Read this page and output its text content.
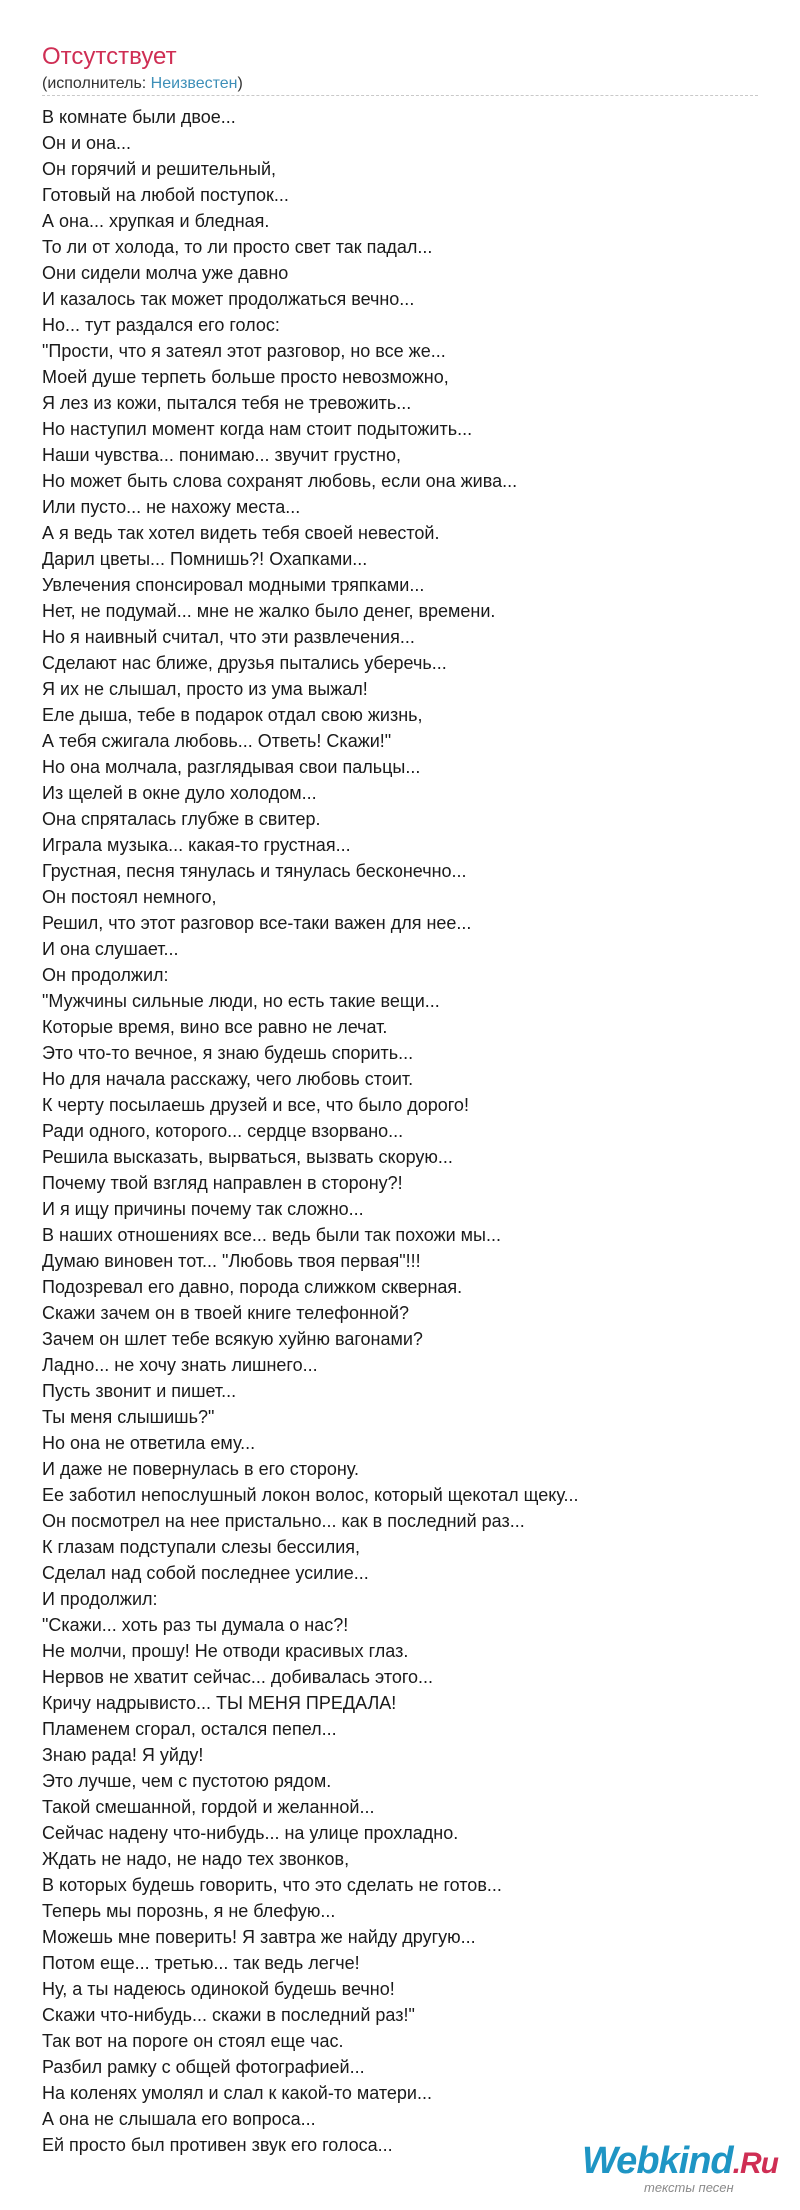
Отсутствует

(исполнитель: Неизвестен)

В комнате были двое...
Он и она...
Он горячий и решительный,
Готовый на любой поступок...
А она... хрупкая и бледная.
То ли от холода, то ли просто свет так падал...
Они сидели молча уже давно
И казалось так может продолжаться вечно...
Но... тут раздался его голос:
"Прости, что я затеял этот разговор, но все же...
Моей душе терпеть больше просто невозможно,
Я лез из кожи, пытался тебя не тревожить...
Но наступил момент когда нам стоит подытожить...
Наши чувства... понимаю... звучит грустно,
Но может быть слова сохранят любовь, если она жива...
Или пусто... не нахожу места...
А я ведь так хотел видеть тебя своей невестой.
Дарил цветы... Помнишь?! Охапками...
Увлечения спонсировал модными тряпками...
Нет, не подумай... мне не жалко было денег, времени.
Но я наивный считал, что эти развлечения...
Сделают нас ближе, друзья пытались уберечь...
Я их не слышал, просто из ума выжал!
Еле дыша, тебе в подарок отдал свою жизнь,
А тебя сжигала любовь... Ответь! Скажи!"
Но она молчала, разглядывая свои пальцы...
Из щелей в окне дуло холодом...
Она спряталась глубже в свитер.
Играла музыка... какая-то грустная...
Грустная, песня тянулась и тянулась бесконечно...
Он постоял немного,
Решил, что этот разговор все-таки важен для нее...
И она слушает...
Он продолжил:
"Мужчины сильные люди, но есть такие вещи...
Которые время, вино все равно не лечат.
Это что-то вечное, я знаю будешь спорить...
Но для начала расскажу, чего любовь стоит.
К черту посылаешь друзей и все, что было дорого!
Ради одного, которого... сердце взорвано...
Решила высказать, вырваться, вызвать скорую...
Почему твой взгляд направлен в сторону?!
И я ищу причины почему так сложно...
В наших отношениях все... ведь были так похожи мы...
Думаю виновен тот... "Любовь твоя первая"!!!
Подозревал его давно, порода слижком скверная.
Скажи зачем он в твоей книге телефонной?
Зачем он шлет тебе всякую хуйню вагонами?
Ладно... не хочу знать лишнего...
Пусть звонит и пишет...
Ты меня слышишь?"
Но она не ответила ему...
И даже не повернулась в его сторону.
Ее заботил непослушный локон волос, который щекотал щеку...
Он посмотрел на нее пристально... как в последний раз...
К глазам подступали слезы бессилия,
Сделал над собой последнее усилие...
И продолжил:
"Скажи... хоть раз ты думала о нас?!
Не молчи, прошу! Не отводи красивых глаз.
Нервов не хватит сейчас... добивалась этого...
Кричу надрывисто... ТЫ МЕНЯ ПРЕДАЛА!
Пламенем сгорал, остался пепел...
Знаю рада! Я уйду!
Это лучше, чем с пустотою рядом.
Такой смешанной, гордой и желанной...
Сейчас надену что-нибудь... на улице прохладно.
Ждать не надо, не надо тех звонков,
В которых будешь говорить, что это сделать не готов...
Теперь мы порознь, я не блефую...
Можешь мне поверить! Я завтра же найду другую...
Потом еще... третью... так ведь легче!
Ну, а ты надеюсь одинокой будешь вечно!
Скажи что-нибудь... скажи в последний раз!"
Так вот на пороге он стоял еще час.
Разбил рамку с общей фотографией...
На коленях умолял и слал к какой-то матери...
А она не слышала его вопроса...
Ей просто был противен звук его голоса...	Webkind.Ru
тексты песен
